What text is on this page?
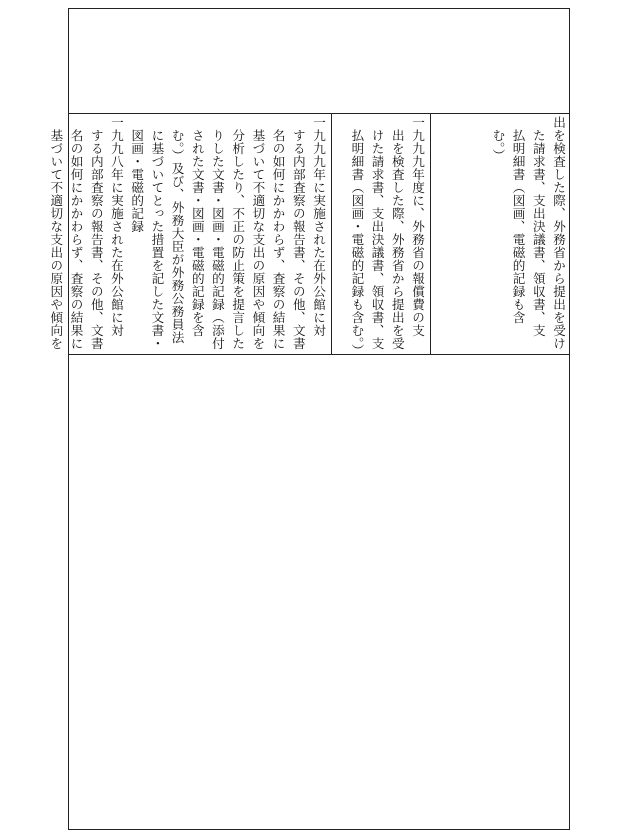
出を検査した際、外務省から提出を受け
　た請求書、支出決議書、領収書、支
　払明細書（図画、電磁的記録も含
　む。）
一九九九年度に、外務省の報償費の支
　出を検査した際、外務省から提出を受
　けた請求書、支出決議書、領収書、支
　払明細書（図画・電磁的記録も含む。）
一九九九年に実施された在外公館に対
　する内部査察の報告書、その他、文書
　名の如何にかかわらず、査察の結果に
　基づいて不適切な支出の原因や傾向を
　分析したり、不正の防止策を提言した
　りした文書・図画・電磁的記録（添付
　された文書・図画・電磁的記録を含
　む。）及び、外務大臣が外務公務員法
　に基づいてとった措置を記した文書・
　図画・電磁的記録
一九九八年に実施された在外公館に対
　する内部査察の報告書、その他、文書
　名の如何にかかわらず、査察の結果に
　基づいて不適切な支出の原因や傾向を
